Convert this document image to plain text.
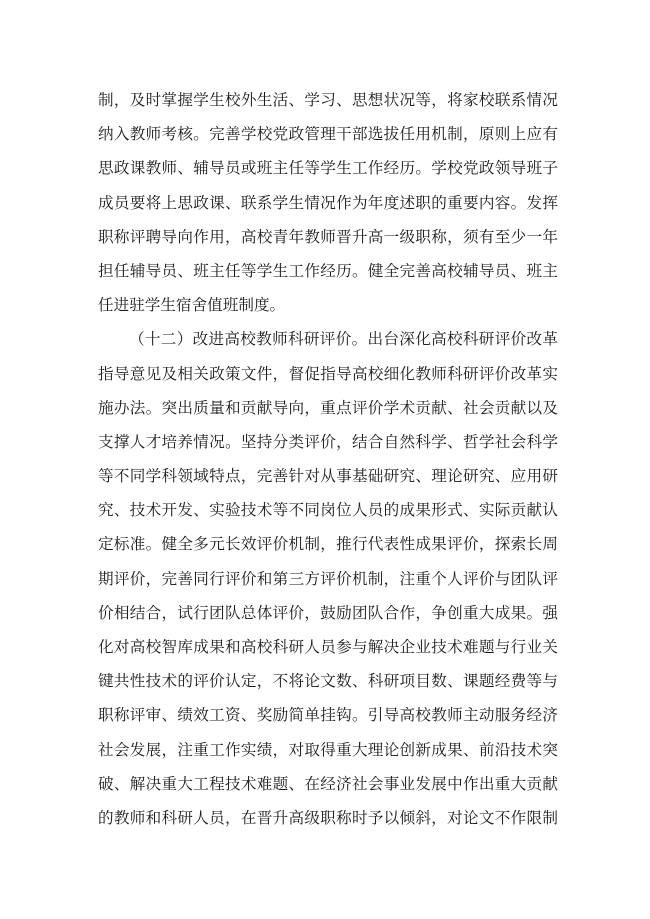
制，及时掌握学生校外生活、学习、思想状况等，将家校联系情况
纳入教师考核。完善学校党政管理干部选拔任用机制，原则上应有
思政课教师、辅导员或班主任等学生工作经历。学校党政领导班子
成员要将上思政课、联系学生情况作为年度述职的重要内容。发挥
职称评聘导向作用，高校青年教师晋升高一级职称，须有至少一年
担任辅导员、班主任等学生工作经历。健全完善高校辅导员、班主
任进驻学生宿舍值班制度。
（十二）改进高校教师科研评价。出台深化高校科研评价改革
指导意见及相关政策文件，督促指导高校细化教师科研评价改革实
施办法。突出质量和贡献导向，重点评价学术贡献、社会贡献以及
支撑人才培养情况。坚持分类评价，结合自然科学、哲学社会科学
等不同学科领域特点，完善针对从事基础研究、理论研究、应用研
究、技术开发、实验技术等不同岗位人员的成果形式、实际贡献认
定标准。健全多元长效评价机制，推行代表性成果评价，探索长周
期评价，完善同行评价和第三方评价机制，注重个人评价与团队评
价相结合，试行团队总体评价，鼓励团队合作，争创重大成果。强
化对高校智库成果和高校科研人员参与解决企业技术难题与行业关
键共性技术的评价认定，不将论文数、科研项目数、课题经费等与
职称评审、绩效工资、奖励简单挂钩。引导高校教师主动服务经济
社会发展，注重工作实绩，对取得重大理论创新成果、前沿技术突
破、解决重大工程技术难题、在经济社会事业发展中作出重大贡献
的教师和科研人员，在晋升高级职称时予以倾斜，对论文不作限制
